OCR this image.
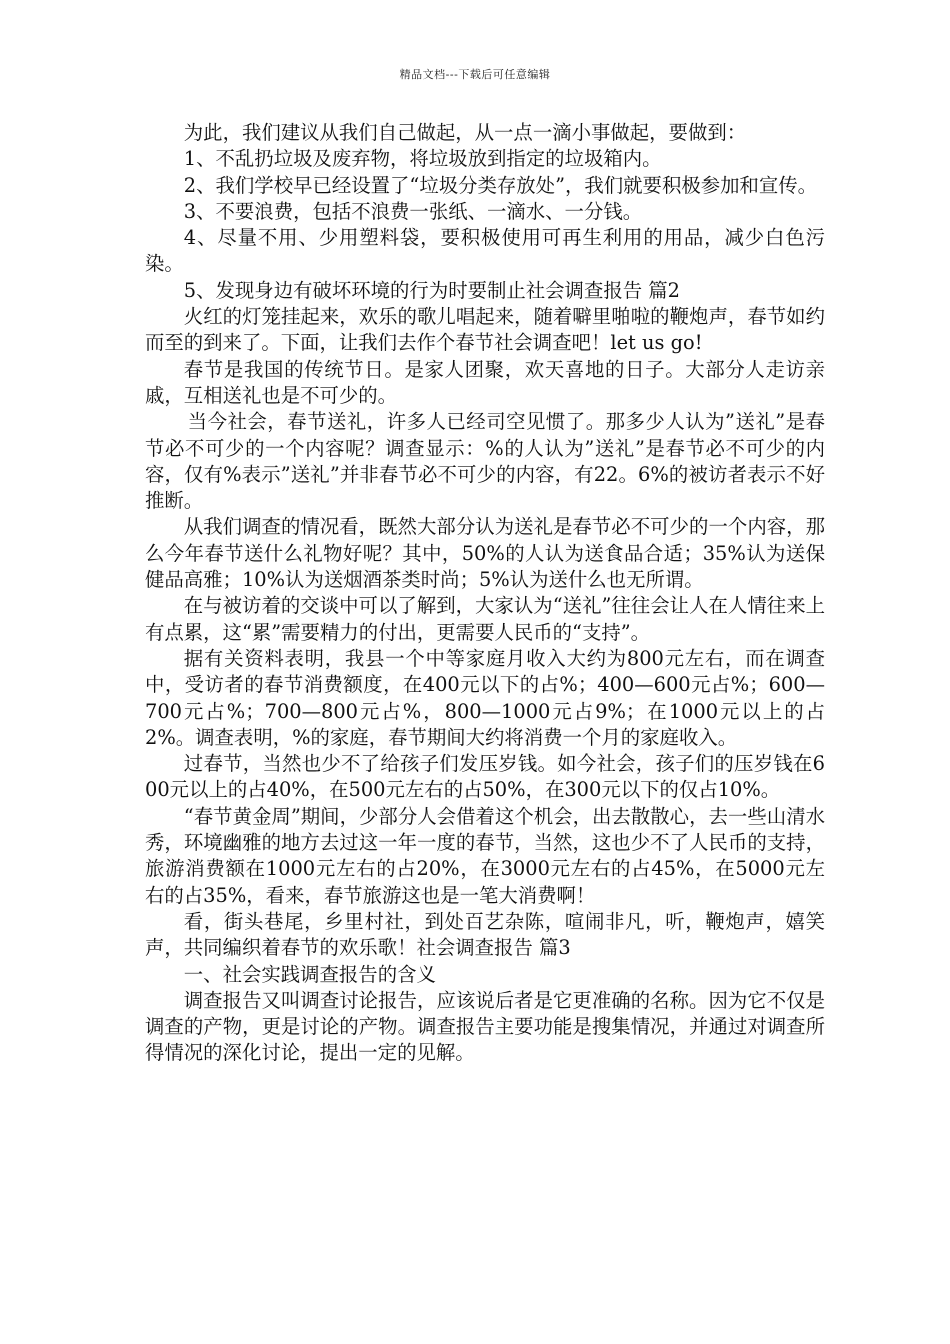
精品文档---下载后可任意编辑

为此，我们建议从我们自己做起，从一点一滴小事做起，要做到：

1、不乱扔垃圾及废弃物，将垃圾放到指定的垃圾箱内。

2、我们学校早已经设置了“垃圾分类存放处”，我们就要积极参加和宣传。

3、不要浪费，包括不浪费一张纸、一滴水、一分钱。

4、尽量不用、少用塑料袋，要积极使用可再生利用的用品，减少白色污染。

5、发现身边有破坏环境的行为时要制止社会调查报告 篇2

火红的灯笼挂起来，欢乐的歌儿唱起来，随着噼里啪啦的鞭炮声，春节如约而至的到来了。下面，让我们去作个春节社会调查吧！let us go!

春节是我国的传统节日。是家人团聚，欢天喜地的日子。大部分人走访亲戚，互相送礼也是不可少的。

当今社会，春节送礼，许多人已经司空见惯了。那多少人认为”送礼”是春节必不可少的一个内容呢？调查显示：%的人认为”送礼”是春节必不可少的内容，仅有%表示”送礼”并非春节必不可少的内容，有22。6%的被访者表示不好推断。

从我们调查的情况看，既然大部分认为送礼是春节必不可少的一个内容，那么今年春节送什么礼物好呢？其中，50%的人认为送食品合适；35%认为送保健品高雅；10%认为送烟酒茶类时尚；5%认为送什么也无所谓。

在与被访着的交谈中可以了解到，大家认为“送礼”往往会让人在人情往来上有点累，这“累”需要精力的付出，更需要人民币的“支持”。

据有关资料表明，我县一个中等家庭月收入大约为800元左右，而在调查中，受访者的春节消费额度，在400元以下的占%；400—600元占%；600—700元占%；700—800元占%，800—1000元占9%；在1000元以上的占2%。调查表明，%的家庭，春节期间大约将消费一个月的家庭收入。

过春节，当然也少不了给孩子们发压岁钱。如今社会，孩子们的压岁钱在600元以上的占40%，在500元左右的占50%，在300元以下的仅占10%。

“春节黄金周”期间，少部分人会借着这个机会，出去散散心，去一些山清水秀，环境幽雅的地方去过这一年一度的春节，当然，这也少不了人民币的支持，旅游消费额在1000元左右的占20%，在3000元左右的占45%，在5000元左右的占35%，看来，春节旅游这也是一笔大消费啊！

看，街头巷尾，乡里村社，到处百艺杂陈，喧闹非凡，听，鞭炮声，嬉笑声，共同编织着春节的欢乐歌！社会调查报告 篇3

一、社会实践调查报告的含义

调查报告又叫调查讨论报告，应该说后者是它更准确的名称。因为它不仅是调查的产物，更是讨论的产物。调查报告主要功能是搜集情况，并通过对调查所得情况的深化讨论，提出一定的见解。
